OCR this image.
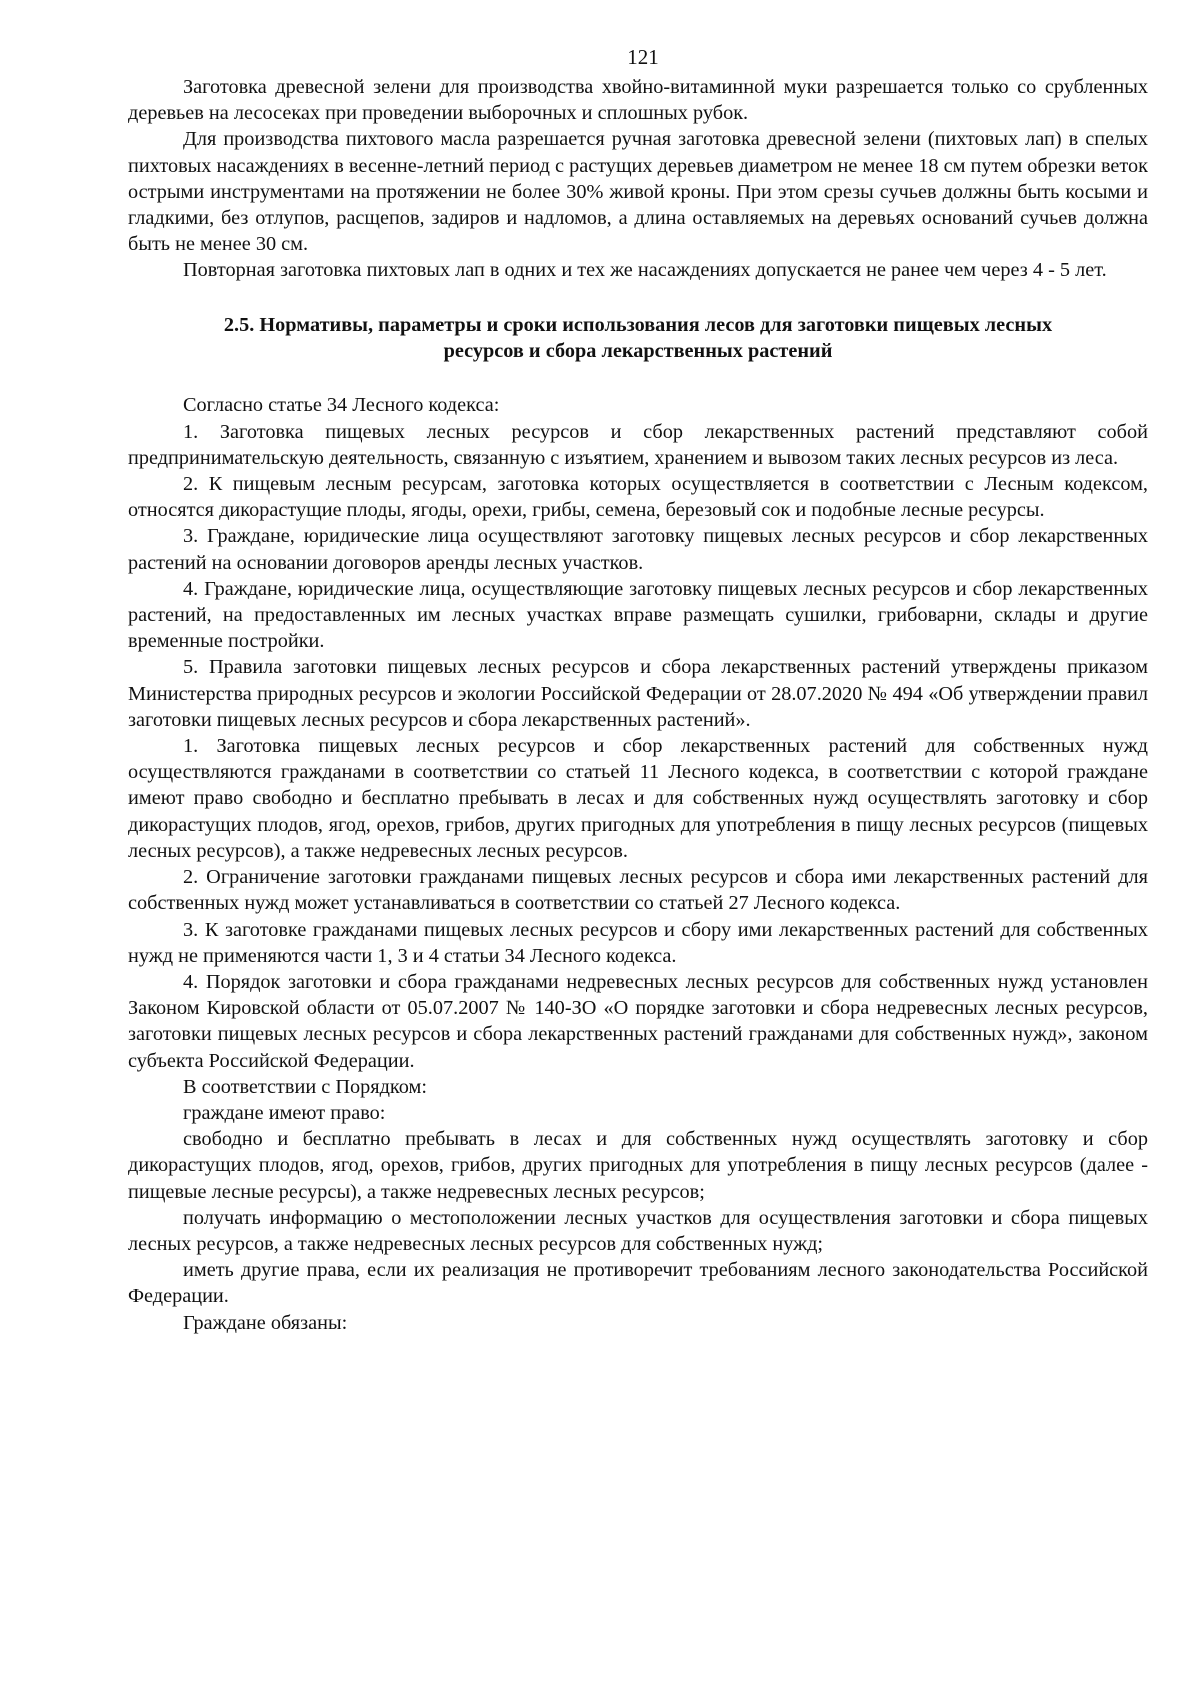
121

Заготовка древесной зелени для производства хвойно-витаминной муки разрешается только со срубленных деревьев на лесосеках при проведении выборочных и сплошных рубок.

Для производства пихтового масла разрешается ручная заготовка древесной зелени (пихтовых лап) в спелых пихтовых насаждениях в весенне-летний период с растущих деревьев диаметром не менее 18 см путем обрезки веток острыми инструментами на протяжении не более 30% живой кроны. При этом срезы сучьев должны быть косыми и гладкими, без отлупов, расщепов, задиров и надломов, а длина оставляемых на деревьях оснований сучьев должна быть не менее 30 см.

Повторная заготовка пихтовых лап в одних и тех же насаждениях допускается не ранее чем через 4 - 5 лет.

2.5. Нормативы, параметры и сроки использования лесов для заготовки пищевых лесных
ресурсов и сбора лекарственных растений

Согласно статье 34 Лесного кодекса:

1. Заготовка пищевых лесных ресурсов и сбор лекарственных растений представляют собой предпринимательскую деятельность, связанную с изъятием, хранением и вывозом таких лесных ресурсов из леса.

2. К пищевым лесным ресурсам, заготовка которых осуществляется в соответствии с Лесным кодексом, относятся дикорастущие плоды, ягоды, орехи, грибы, семена, березовый сок и подобные лесные ресурсы.

3. Граждане, юридические лица осуществляют заготовку пищевых лесных ресурсов и сбор лекарственных растений на основании договоров аренды лесных участков.

4. Граждане, юридические лица, осуществляющие заготовку пищевых лесных ресурсов и сбор лекарственных растений, на предоставленных им лесных участках вправе размещать сушилки, грибоварни, склады и другие временные постройки.

5. Правила заготовки пищевых лесных ресурсов и сбора лекарственных растений утверждены приказом Министерства природных ресурсов и экологии Российской Федерации от 28.07.2020 № 494 «Об утверждении правил заготовки пищевых лесных ресурсов и сбора лекарственных растений».

1. Заготовка пищевых лесных ресурсов и сбор лекарственных растений для собственных нужд осуществляются гражданами в соответствии со статьей 11 Лесного кодекса, в соответствии с которой граждане имеют право свободно и бесплатно пребывать в лесах и для собственных нужд осуществлять заготовку и сбор дикорастущих плодов, ягод, орехов, грибов, других пригодных для употребления в пищу лесных ресурсов (пищевых лесных ресурсов), а также недревесных лесных ресурсов.

2. Ограничение заготовки гражданами пищевых лесных ресурсов и сбора ими лекарственных растений для собственных нужд может устанавливаться в соответствии со статьей 27 Лесного кодекса.

3. К заготовке гражданами пищевых лесных ресурсов и сбору ими лекарственных растений для собственных нужд не применяются части 1, 3 и 4 статьи 34 Лесного кодекса.

4. Порядок заготовки и сбора гражданами недревесных лесных ресурсов для собственных нужд установлен Законом Кировской области от 05.07.2007 № 140-ЗО «О порядке заготовки и сбора недревесных лесных ресурсов, заготовки пищевых лесных ресурсов и сбора лекарственных растений гражданами для собственных нужд», законом субъекта Российской Федерации.

В соответствии с Порядком:

граждане имеют право:

свободно и бесплатно пребывать в лесах и для собственных нужд осуществлять заготовку и сбор дикорастущих плодов, ягод, орехов, грибов, других пригодных для употребления в пищу лесных ресурсов (далее - пищевые лесные ресурсы), а также недревесных лесных ресурсов;

получать информацию о местоположении лесных участков для осуществления заготовки и сбора пищевых лесных ресурсов, а также недревесных лесных ресурсов для собственных нужд;

иметь другие права, если их реализация не противоречит требованиям лесного законодательства Российской Федерации.

Граждане обязаны:
